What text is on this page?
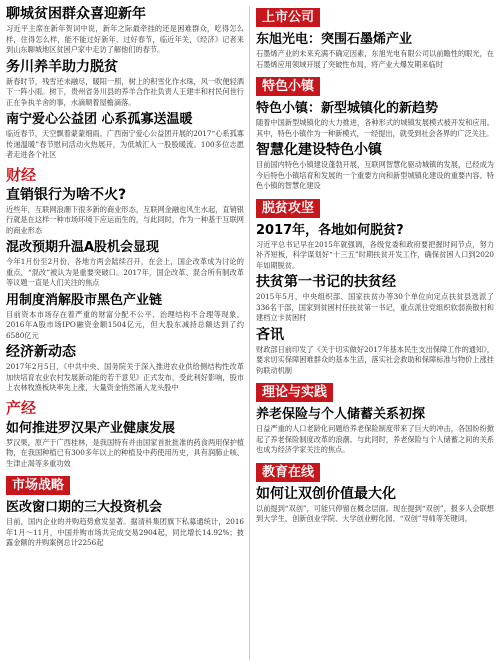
聊城贫困群众喜迎新年

习近平主席在新年贺词中说，新年之际最牵挂的还是困难群众，吃得怎么样，住得怎么样，能不能过好新年、过好春节，临近年关，《经济》记者来到山东聊城地区贫困户家中走访了解他们的春节。

务川养羊助力脱贫

新春时节，残雪还未融尽，暖阳一照，树上的积雪化作水珠，风一吹便轻洒下一阵小雨。树下，贵州省务川县的养羊合作社负责人王建丰和村民何世行正在争执羊舍的事，水滴顺着屋檐滴落。

南宁爱心公益团 心系孤寡送温暖

临近春节，天空飘着蒙蒙细雨。广西南宁爱心公益团开展的2017“心系孤寡 传递温暖”春节慰问活动火热展开，为低城汇入一股股暖流。100多位志愿者走进各个社区

财经
直销银行为啥不火?

近些年，互联网浪潮下很多新的商业形态，互联网金融也风生水起，直销银行就是在这样一种市场环境下应运而生的，与此同时，作为一种基于互联网的商业形态

混改预期升温A股机会显现

今年1月份至2月份，各地方两会陆续召开，在会上，国企改革成为讨论的重点，“混改”被认为是重要突破口。2017年，国企改革、混合所有制改革等议题一直是人们关注的焦点

用制度消解股市黑色产业链

目前资本市场存在着严重的财富分配不公平、治理结构不合理等现象。2016年A股市场IPO融资金额1504亿元，但大股东减持总额达到了约6580亿元

经济新动态

2017年2月5日，《中共中央、国务院关于深入推进农业供给侧结构性改革加快培育农业农村发展新动能的若干意见》正式发布，受此利好影响，股市上农林牧渔板块率先上涨，大量资金悄然涌入龙头股中

产经
如何推进罗汉果产业健康发展

罗汉果，原产于广西桂林，是我国特有并由国家首批批准的药食两用保护植物，在我国种植已有300多年以上的种植及中药使用历史，具有润肺止咳、生津止渴等多重功效

市场战略
医改窗口期的三大投资机会

目前，国内企业的并购趋势愈发显著。据清科集团旗下私募通统计，2016年1月～11月，中国并购市场共完成交易2904起，同比增长14.92%；披露金额的并购案例总计2256起

上市公司
东旭光电：突围石墨烯产业

石墨烯产业的未来充满不确定因素，东旭光电有限公司以前瞻性的眼光，在石墨烯应用领域开展了突破性布局，将产业大爆发期来临时

特色小镇
特色小镇：新型城镇化的新趋势

随着中国新型城镇化的大力推进，各种形式的城镇发展模式被开发和应用。其中，特色小镇作为一种新模式，一经提出，就受到社会各界的广泛关注。

智慧化建设特色小镇

目前国内特色小镇建设蓬勃开展，互联网智慧化驱动城镇的发展，已经成为今后特色小镇培育和发展的一个重要方向和新型城镇化建设的重要内容。特色小镇的智慧化建设

脱贫攻坚
2017年，各地如何脱贫?

习近平总书记早在2015年就强调，各级党委和政府要把握时间节点，努力补齐短板，科学谋划好“十三五”时期扶贫开发工作，确保贫困人口到2020年如期脱贫。

扶贫第一书记的扶贫经

2015年5月，中央组织部、国家扶贫办等30个单位向定点扶贫县选派了336名干部，国家到贫困村任扶贫第一书记，重点派往党组织软弱涣散村和建档立卡贫困村

吝讯

财政部日前印发了《关于切实做好2017年基本民生支出保障工作的通知》，要求切实保障困难群众的基本生活，落实社会救助和保障标准与物价上涨挂钩联动机制

理论与实践
养老保险与个人储蓄关系初探

日益严重的人口老龄化问题给养老保险制度带来了巨大的冲击，各国纷纷掀起了养老保险制度改革的浪潮。与此同时，养老保险与个人储蓄之间的关系也成为经济学家关注的焦点。

教育在线
如何让双创价值最大化

以前提到“双创”，可能只停留在概念层面。现在提到“双创”，报多人会联想到大学生、创新创业学院、大学创业孵化园、“双创”导师等关键词。
